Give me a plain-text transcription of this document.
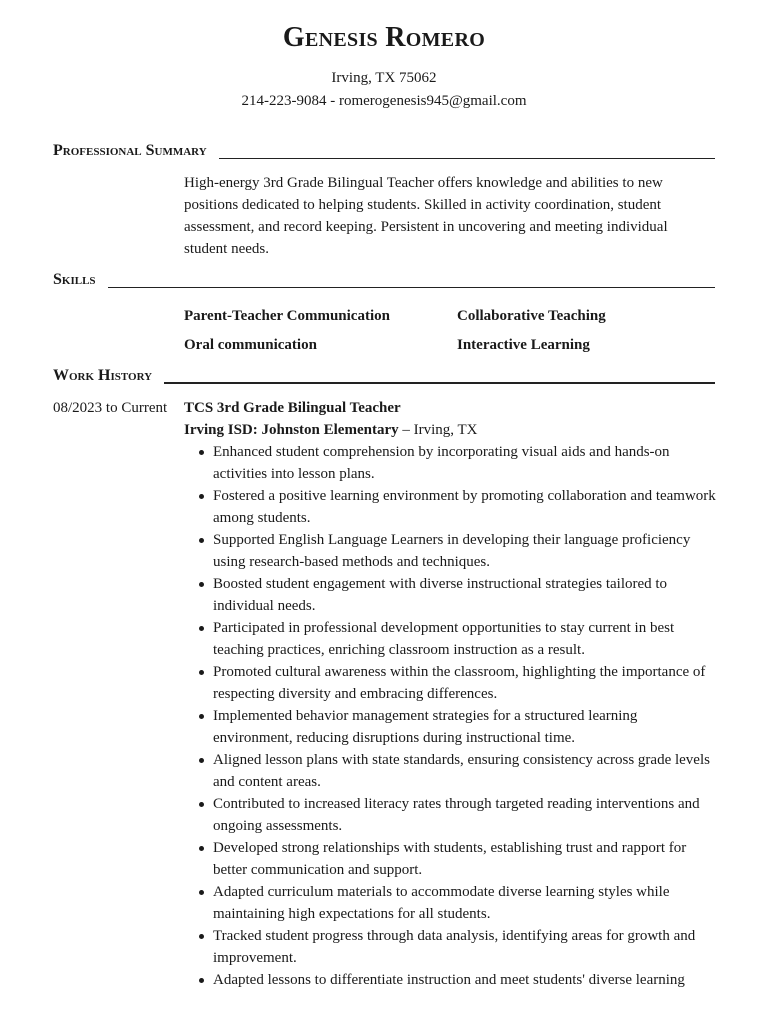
Genesis Romero

Irving, TX 75062

214-223-9084 - romerogenesis945@gmail.com

Professional Summary

High-energy 3rd Grade Bilingual Teacher offers knowledge and abilities to new positions dedicated to helping students. Skilled in activity coordination, student assessment, and record keeping. Persistent in uncovering and meeting individual student needs.

Skills
Parent-Teacher Communication	Collaborative Teaching
Oral communication	Interactive Learning
Work History
08/2023 to Current TCS 3rd Grade Bilingual Teacher
Irving ISD: Johnston Elementary – Irving, TX
Enhanced student comprehension by incorporating visual aids and hands-on activities into lesson plans.
Fostered a positive learning environment by promoting collaboration and teamwork among students.
Supported English Language Learners in developing their language proficiency using research-based methods and techniques.
Boosted student engagement with diverse instructional strategies tailored to individual needs.
Participated in professional development opportunities to stay current in best teaching practices, enriching classroom instruction as a result.
Promoted cultural awareness within the classroom, highlighting the importance of respecting diversity and embracing differences.
Implemented behavior management strategies for a structured learning environment, reducing disruptions during instructional time.
Aligned lesson plans with state standards, ensuring consistency across grade levels and content areas.
Contributed to increased literacy rates through targeted reading interventions and ongoing assessments.
Developed strong relationships with students, establishing trust and rapport for better communication and support.
Adapted curriculum materials to accommodate diverse learning styles while maintaining high expectations for all students.
Tracked student progress through data analysis, identifying areas for growth and improvement.
Adapted lessons to differentiate instruction and meet students' diverse learning
